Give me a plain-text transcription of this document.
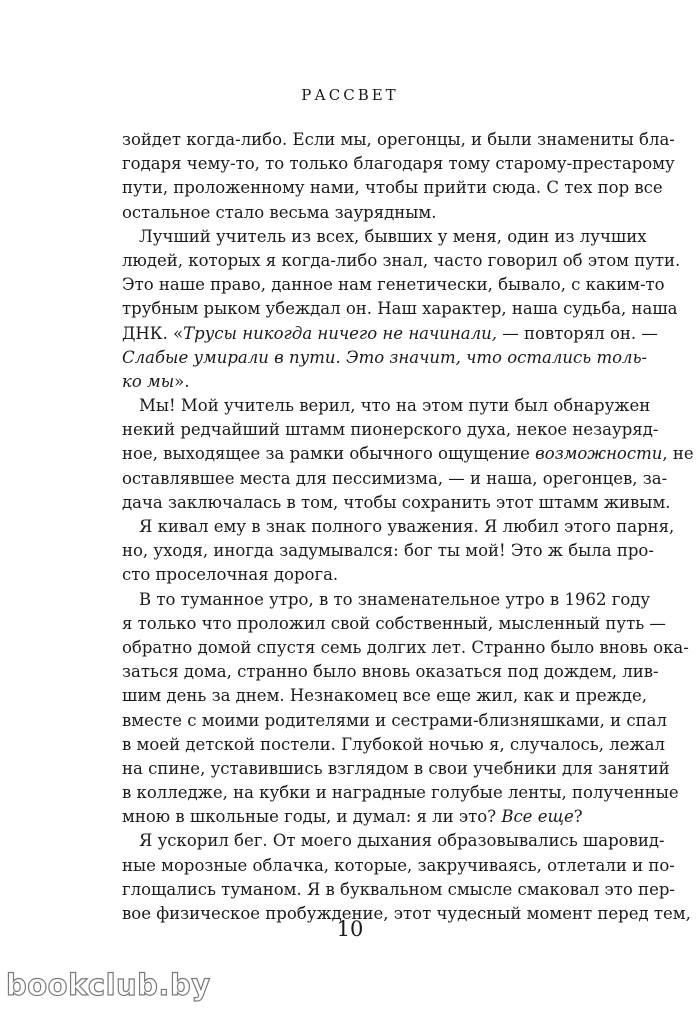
РАССВЕТ
зойдет когда-либо. Если мы, орегонцы, и были знамениты бла-
годаря чему-то, то только благодаря тому старому-престарому
пути, проложенному нами, чтобы прийти сюда. С тех пор все
остальное стало весьма заурядным.
Лучший учитель из всех, бывших у меня, один из лучших
людей, которых я когда-либо знал, часто говорил об этом пути.
Это наше право, данное нам генетически, бывало, с каким-то
трубным рыком убеждал он. Наш характер, наша судьба, наша
ДНК. «Трусы никогда ничего не начинали, — повторял он. —
Слабые умирали в пути. Это значит, что остались толь-
ко мы».
Мы! Мой учитель верил, что на этом пути был обнаружен
некий редчайший штамм пионерского духа, некое незауряд-
ное, выходящее за рамки обычного ощущение возможности, не
оставлявшее места для пессимизма, — и наша, орегонцев, за-
дача заключалась в том, чтобы сохранить этот штамм живым.
Я кивал ему в знак полного уважения. Я любил этого парня,
но, уходя, иногда задумывался: бог ты мой! Это ж была про-
сто проселочная дорога.
В то туманное утро, в то знаменательное утро в 1962 году
я только что проложил свой собственный, мысленный путь —
обратно домой спустя семь долгих лет. Странно было вновь ока-
заться дома, странно было вновь оказаться под дождем, лив-
шим день за днем. Незнакомец все еще жил, как и прежде,
вместе с моими родителями и сестрами-близняшками, и спал
в моей детской постели. Глубокой ночью я, случалось, лежал
на спине, уставившись взглядом в свои учебники для занятий
в колледже, на кубки и наградные голубые ленты, полученные
мною в школьные годы, и думал: я ли это? Все еще?
Я ускорил бег. От моего дыхания образовывались шаровид-
ные морозные облачка, которые, закручиваясь, отлетали и по-
глощались туманом. Я в буквальном смысле смаковал это пер-
вое физическое пробуждение, этот чудесный момент перед тем,
10
bookclub.by
